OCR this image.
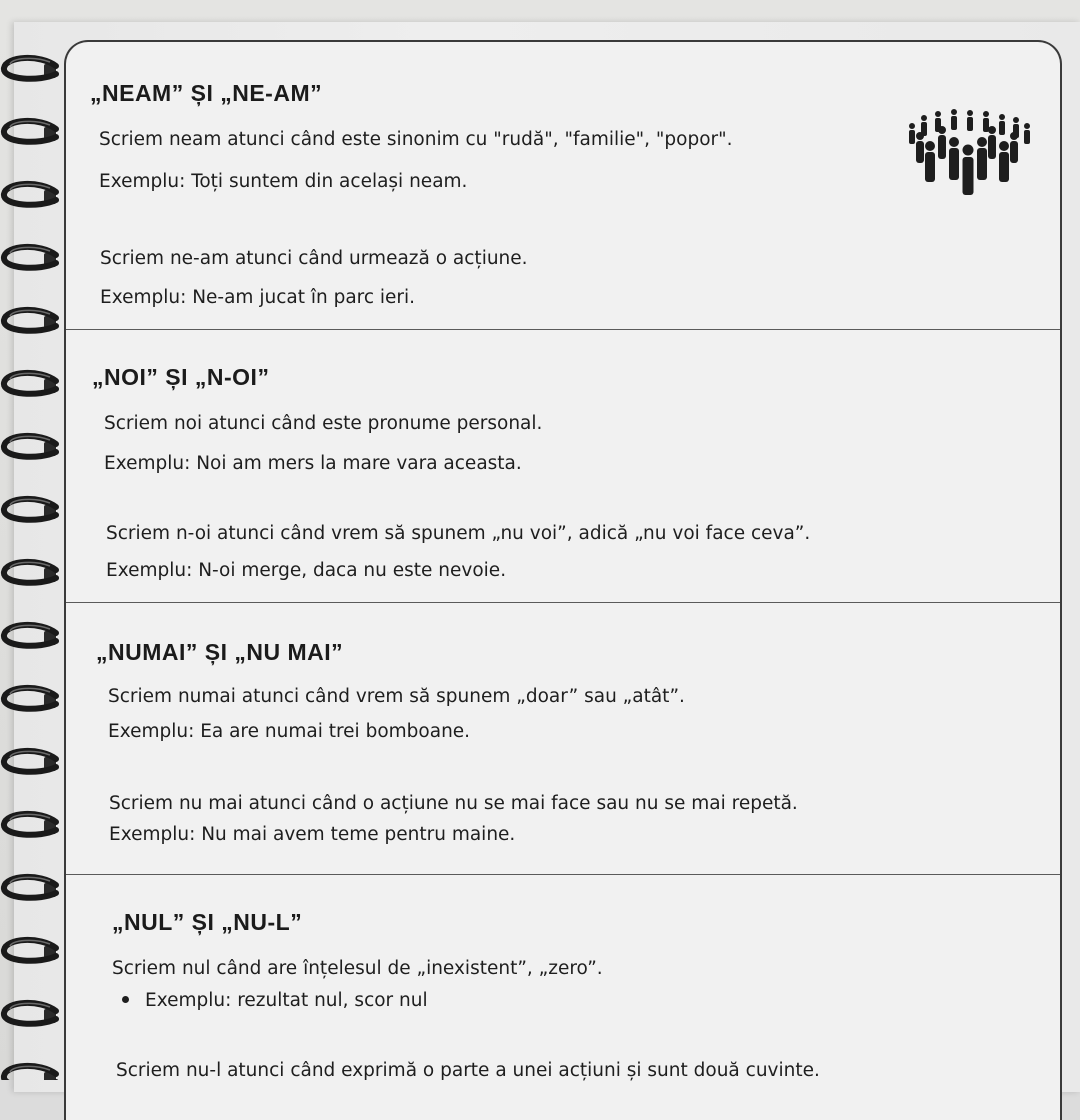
„NEAM” ȘI „NE-AM”
Scriem neam atunci când este sinonim cu "rudă", "familie", "popor".
Exemplu: Toți suntem din același neam.
Scriem ne-am atunci când urmează o acțiune.
Exemplu: Ne-am jucat în parc ieri.
„NOI” ȘI „N-OI”
Scriem noi atunci când este pronume personal.
Exemplu: Noi am mers la mare vara aceasta.
Scriem n-oi atunci când vrem să spunem „nu voi”, adică „nu voi face ceva”.
Exemplu: N-oi merge, daca nu este nevoie.
„NUMAI” ȘI „NU MAI”
Scriem numai atunci când vrem să spunem „doar” sau „atât”.
Exemplu: Ea are numai trei bomboane.
Scriem nu mai atunci când o acțiune nu se mai face sau nu se mai repetă.
Exemplu: Nu mai avem teme pentru maine.
„NUL” ȘI „NU-L”
Scriem nul când are înțelesul de „inexistent”, „zero”.
Exemplu: rezultat nul, scor nul
Scriem nu-l atunci când exprimă o parte a unei acțiuni și sunt două cuvinte.
